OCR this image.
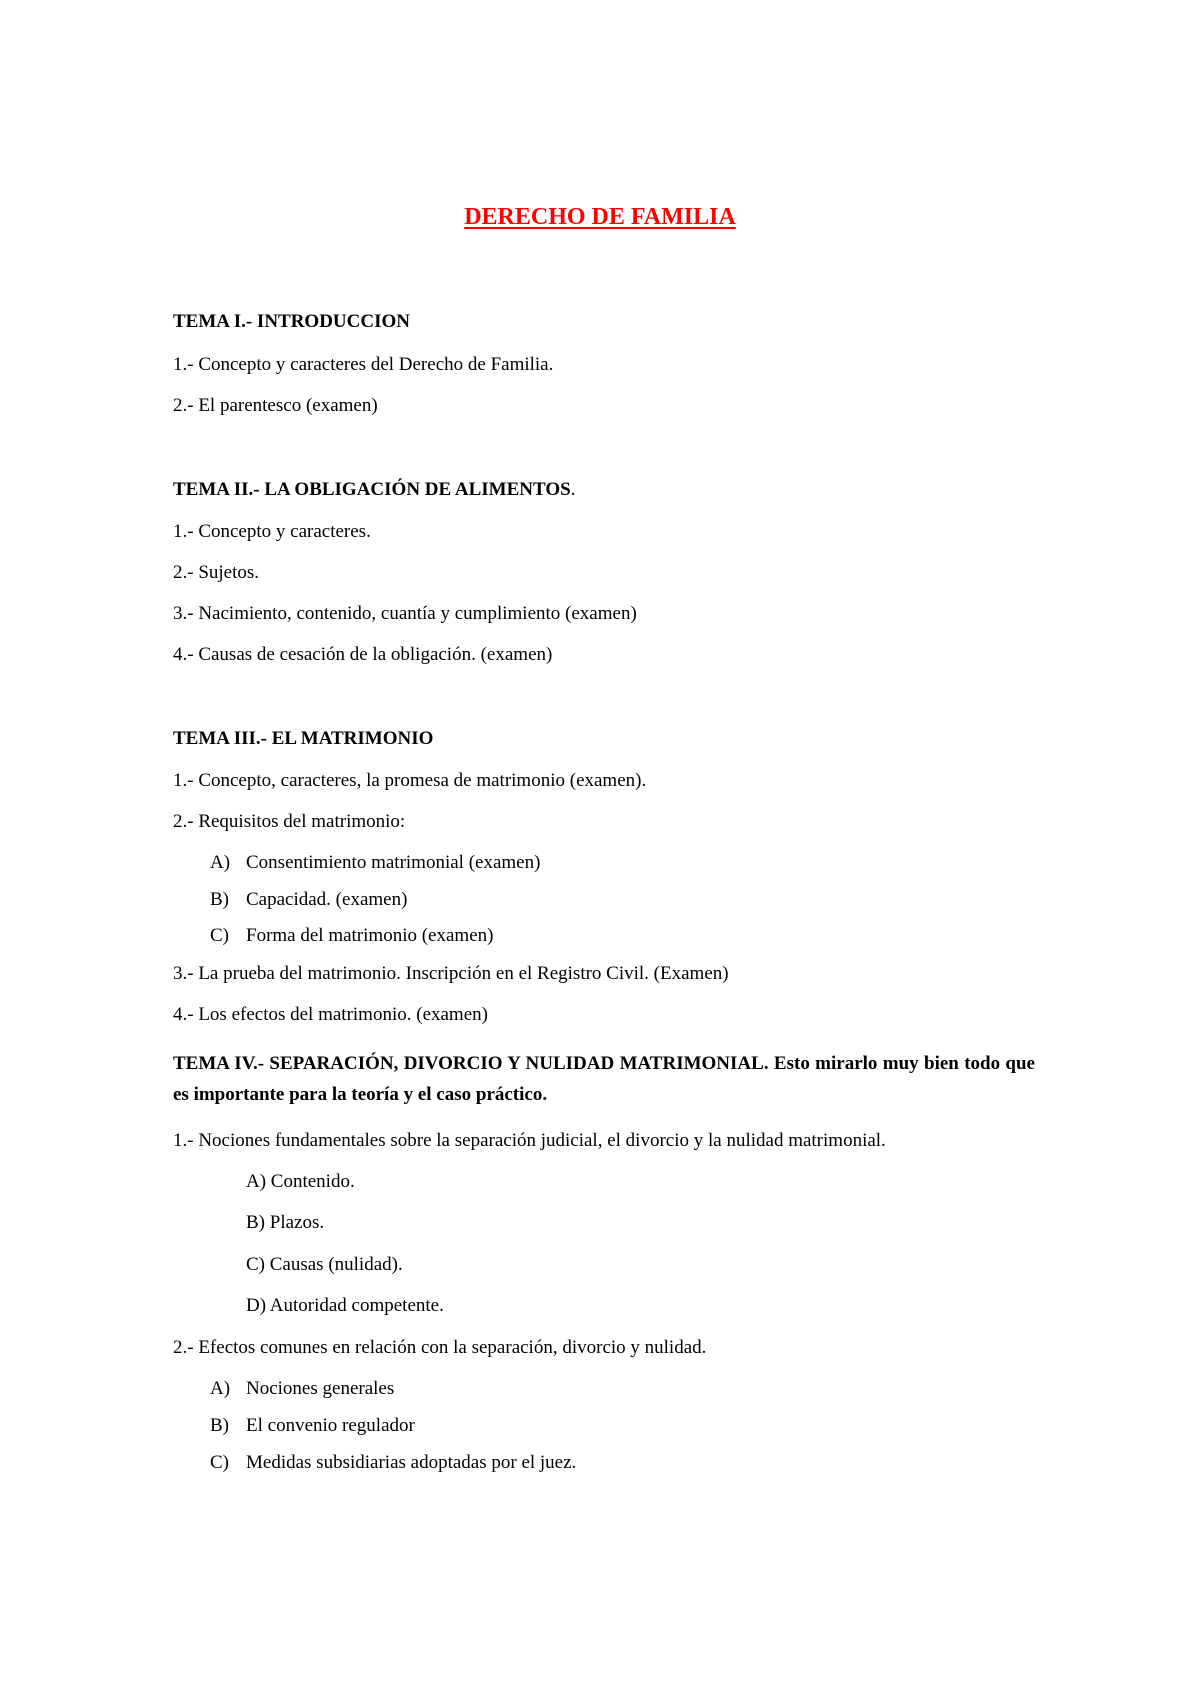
DERECHO DE FAMILIA
TEMA I.- INTRODUCCION
1.- Concepto y caracteres del Derecho de Familia.
2.- El parentesco (examen)
TEMA II.- LA OBLIGACIÓN DE ALIMENTOS.
1.- Concepto y caracteres.
2.- Sujetos.
3.- Nacimiento, contenido, cuantía y cumplimiento (examen)
4.- Causas de cesación de la obligación. (examen)
TEMA III.- EL MATRIMONIO
1.- Concepto, caracteres, la promesa de matrimonio (examen).
2.- Requisitos del matrimonio:
A) Consentimiento matrimonial (examen)
B) Capacidad. (examen)
C) Forma del matrimonio (examen)
3.- La prueba del matrimonio. Inscripción en el Registro Civil. (Examen)
4.- Los efectos del matrimonio. (examen)
TEMA IV.- SEPARACIÓN, DIVORCIO Y NULIDAD MATRIMONIAL. Esto mirarlo muy bien todo que es importante para la teoría y el caso práctico.
1.- Nociones fundamentales sobre la separación judicial, el divorcio y la nulidad matrimonial.
A) Contenido.
B) Plazos.
C) Causas (nulidad).
D) Autoridad competente.
2.- Efectos comunes en relación con la separación, divorcio y nulidad.
A) Nociones generales
B) El convenio regulador
C) Medidas subsidiarias adoptadas por el juez.
